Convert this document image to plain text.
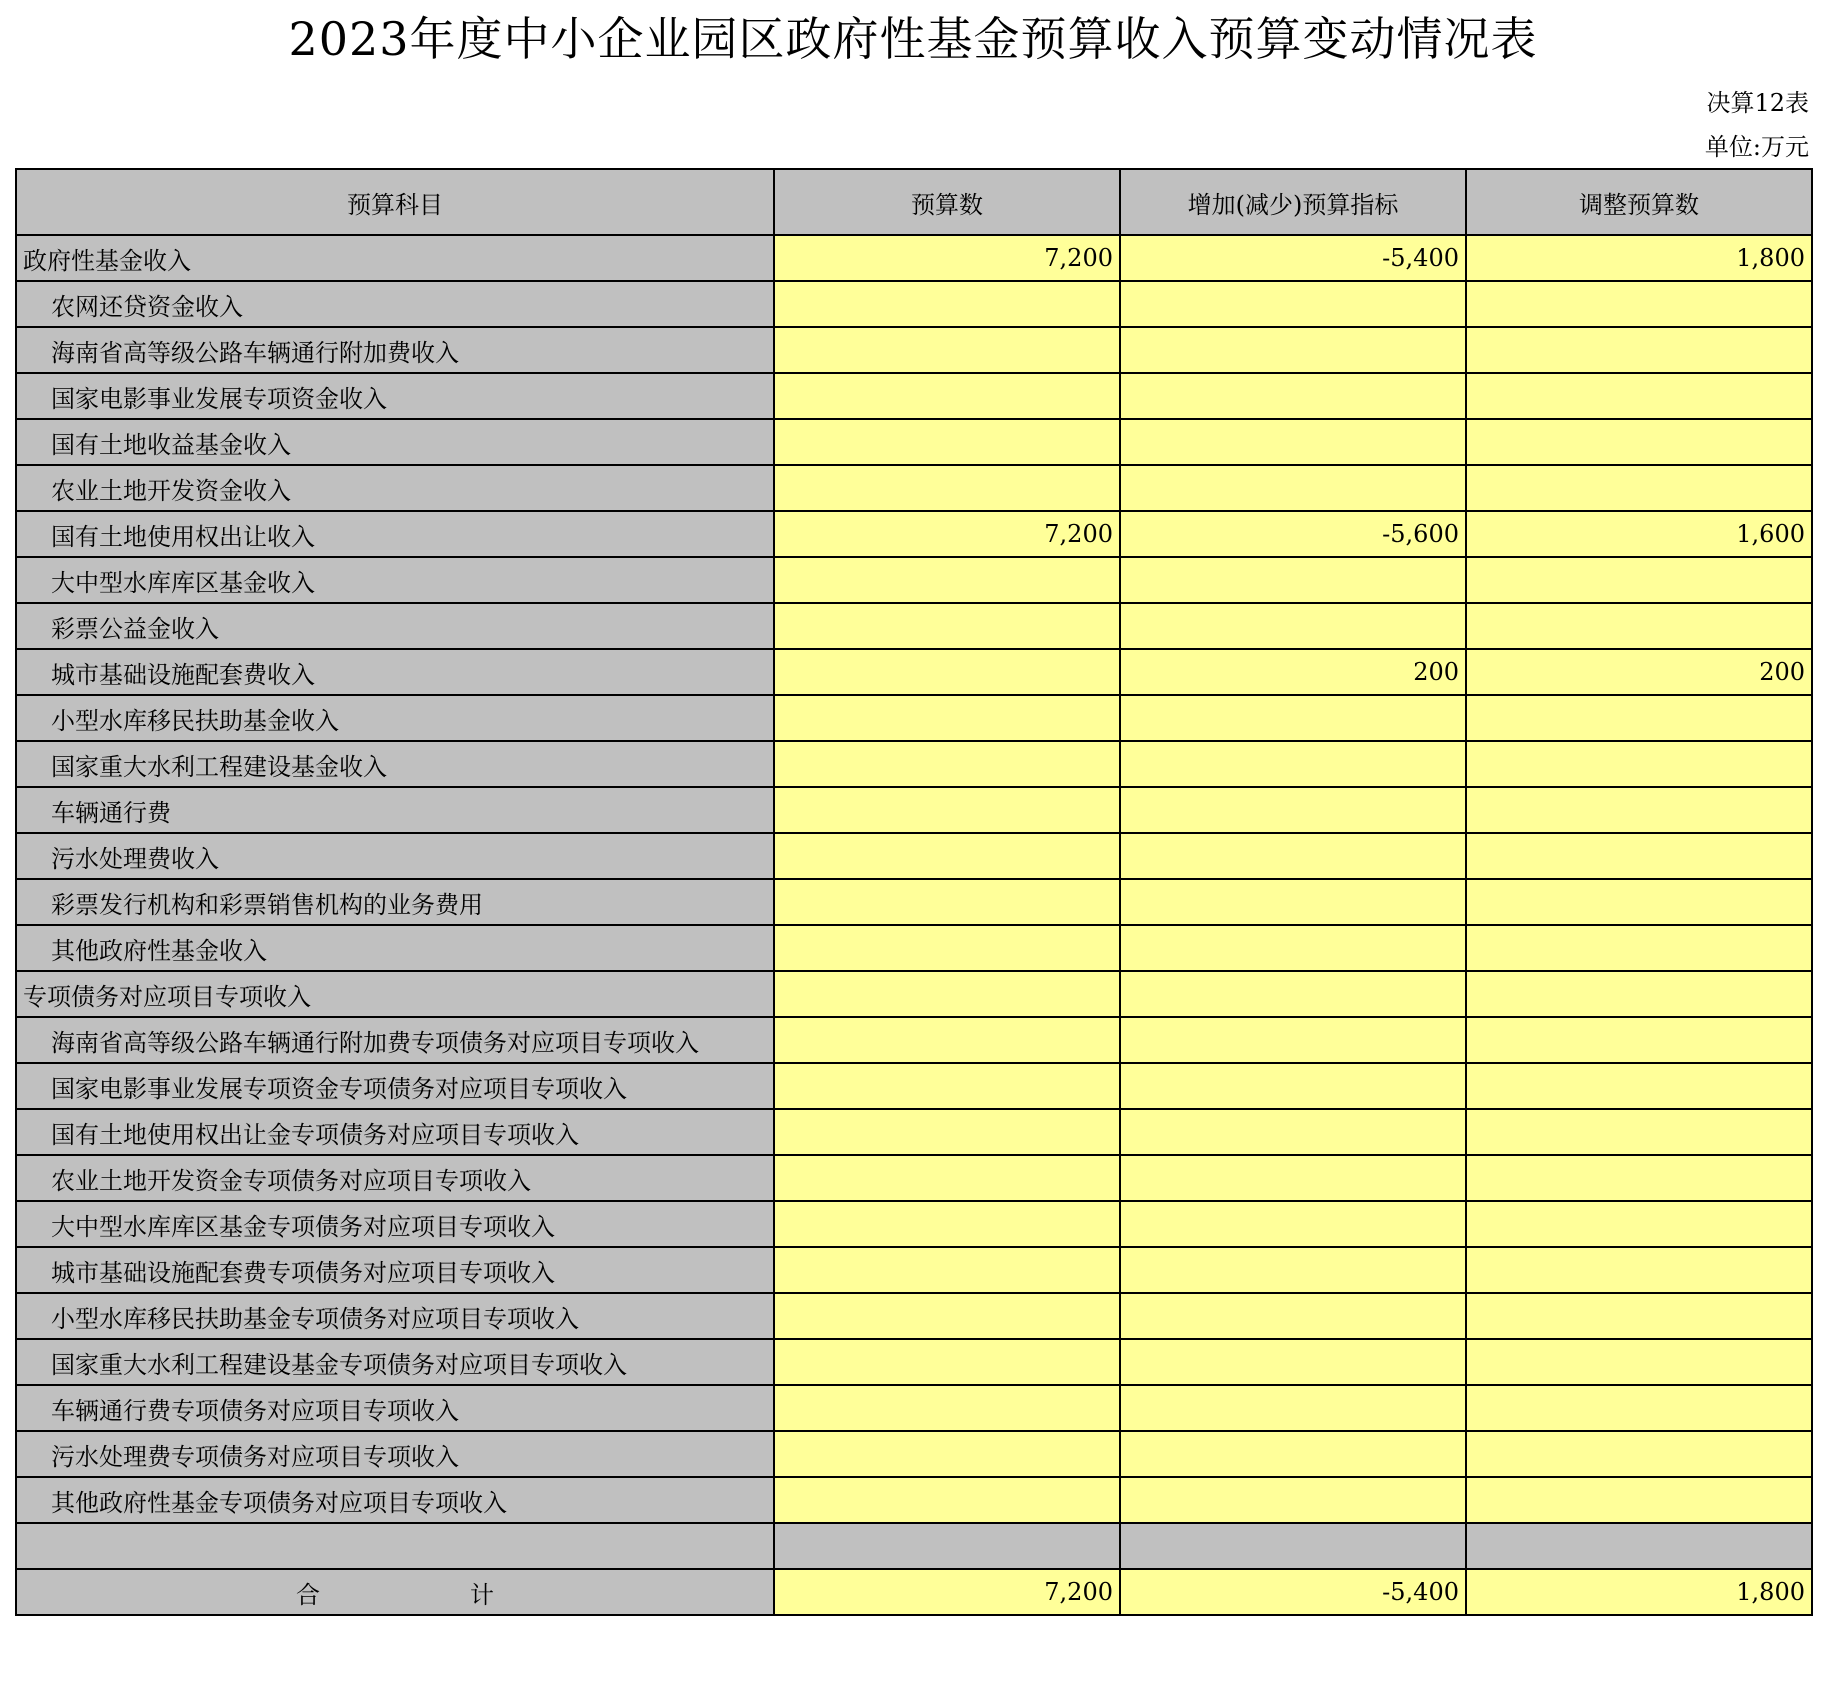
2023年度中小企业园区政府性基金预算收入预算变动情况表
决算12表
单位:万元
预算科目	预算数	增加(减少)预算指标	调整预算数
政府性基金收入	7,200	-5,400	1,800
农网还贷资金收入			
海南省高等级公路车辆通行附加费收入			
国家电影事业发展专项资金收入			
国有土地收益基金收入			
农业土地开发资金收入			
国有土地使用权出让收入	7,200	-5,600	1,600
大中型水库库区基金收入			
彩票公益金收入			
城市基础设施配套费收入		200	200
小型水库移民扶助基金收入			
国家重大水利工程建设基金收入			
车辆通行费			
污水处理费收入			
彩票发行机构和彩票销售机构的业务费用			
其他政府性基金收入			
专项债务对应项目专项收入			
海南省高等级公路车辆通行附加费专项债务对应项目专项收入			
国家电影事业发展专项资金专项债务对应项目专项收入			
国有土地使用权出让金专项债务对应项目专项收入			
农业土地开发资金专项债务对应项目专项收入			
大中型水库库区基金专项债务对应项目专项收入			
城市基础设施配套费专项债务对应项目专项收入			
小型水库移民扶助基金专项债务对应项目专项收入			
国家重大水利工程建设基金专项债务对应项目专项收入			
车辆通行费专项债务对应项目专项收入			
污水处理费专项债务对应项目专项收入			
其他政府性基金专项债务对应项目专项收入			

合 计	7,200	-5,400	1,800
